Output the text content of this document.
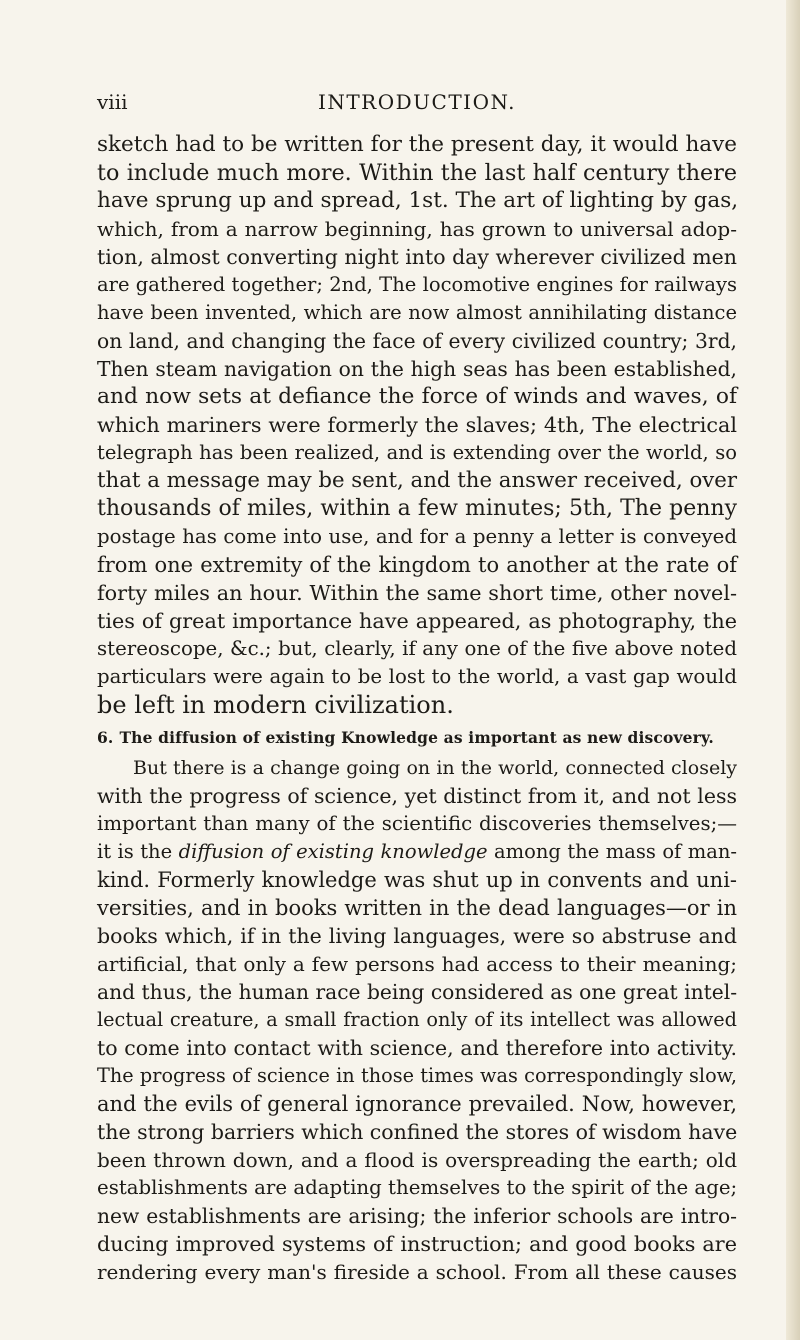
viii	INTRODUCTION.
sketch had to be written for the present day, it would have
to include much more. Within the last half century there
have sprung up and spread, 1st. The art of lighting by gas,
which, from a narrow beginning, has grown to universal adop-
tion, almost converting night into day wherever civilized men
are gathered together; 2nd, The locomotive engines for railways
have been invented, which are now almost annihilating distance
on land, and changing the face of every civilized country; 3rd,
Then steam navigation on the high seas has been established,
and now sets at defiance the force of winds and waves, of
which mariners were formerly the slaves; 4th, The electrical
telegraph has been realized, and is extending over the world, so
that a message may be sent, and the answer received, over
thousands of miles, within a few minutes; 5th, The penny
postage has come into use, and for a penny a letter is conveyed
from one extremity of the kingdom to another at the rate of
forty miles an hour. Within the same short time, other novel-
ties of great importance have appeared, as photography, the
stereoscope, &c.; but, clearly, if any one of the five above noted
particulars were again to be lost to the world, a vast gap would
be left in modern civilization.
6. The diffusion of existing Knowledge as important as new discovery.
But there is a change going on in the world, connected closely
with the progress of science, yet distinct from it, and not less
important than many of the scientific discoveries themselves;—
it is the diffusion of existing knowledge among the mass of man-
kind. Formerly knowledge was shut up in convents and uni-
versities, and in books written in the dead languages—or in
books which, if in the living languages, were so abstruse and
artificial, that only a few persons had access to their meaning;
and thus, the human race being considered as one great intel-
lectual creature, a small fraction only of its intellect was allowed
to come into contact with science, and therefore into activity.
The progress of science in those times was correspondingly slow,
and the evils of general ignorance prevailed. Now, however,
the strong barriers which confined the stores of wisdom have
been thrown down, and a flood is overspreading the earth; old
establishments are adapting themselves to the spirit of the age;
new establishments are arising; the inferior schools are intro-
ducing improved systems of instruction; and good books are
rendering every man's fireside a school. From all these causes
